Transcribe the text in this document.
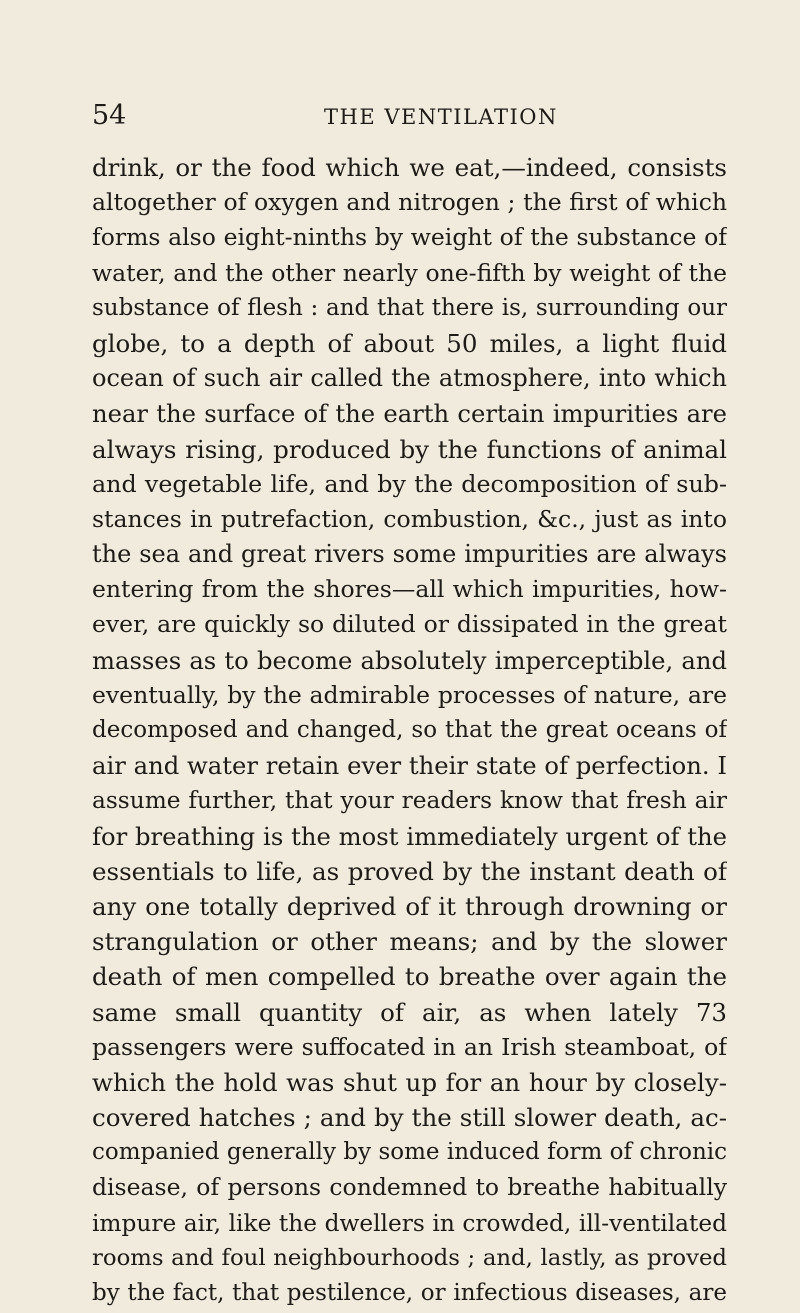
54	THE VENTILATION
drink, or the food which we eat,—indeed, consists
altogether of oxygen and nitrogen ; the first of which
forms also eight-ninths by weight of the substance of
water, and the other nearly one-fifth by weight of the
substance of flesh : and that there is, surrounding our
globe, to a depth of about 50 miles, a light fluid
ocean of such air called the atmosphere, into which
near the surface of the earth certain impurities are
always rising, produced by the functions of animal
and vegetable life, and by the decomposition of sub-
stances in putrefaction, combustion, &c., just as into
the sea and great rivers some impurities are always
entering from the shores—all which impurities, how-
ever, are quickly so diluted or dissipated in the great
masses as to become absolutely imperceptible, and
eventually, by the admirable processes of nature, are
decomposed and changed, so that the great oceans of
air and water retain ever their state of perfection. I
assume further, that your readers know that fresh air
for breathing is the most immediately urgent of the
essentials to life, as proved by the instant death of
any one totally deprived of it through drowning or
strangulation or other means; and by the slower
death of men compelled to breathe over again the
same small quantity of air, as when lately 73
passengers were suffocated in an Irish steamboat, of
which the hold was shut up for an hour by closely-
covered hatches ; and by the still slower death, ac-
companied generally by some induced form of chronic
disease, of persons condemned to breathe habitually
impure air, like the dwellers in crowded, ill-ventilated
rooms and foul neighbourhoods ; and, lastly, as proved
by the fact, that pestilence, or infectious diseases, are
